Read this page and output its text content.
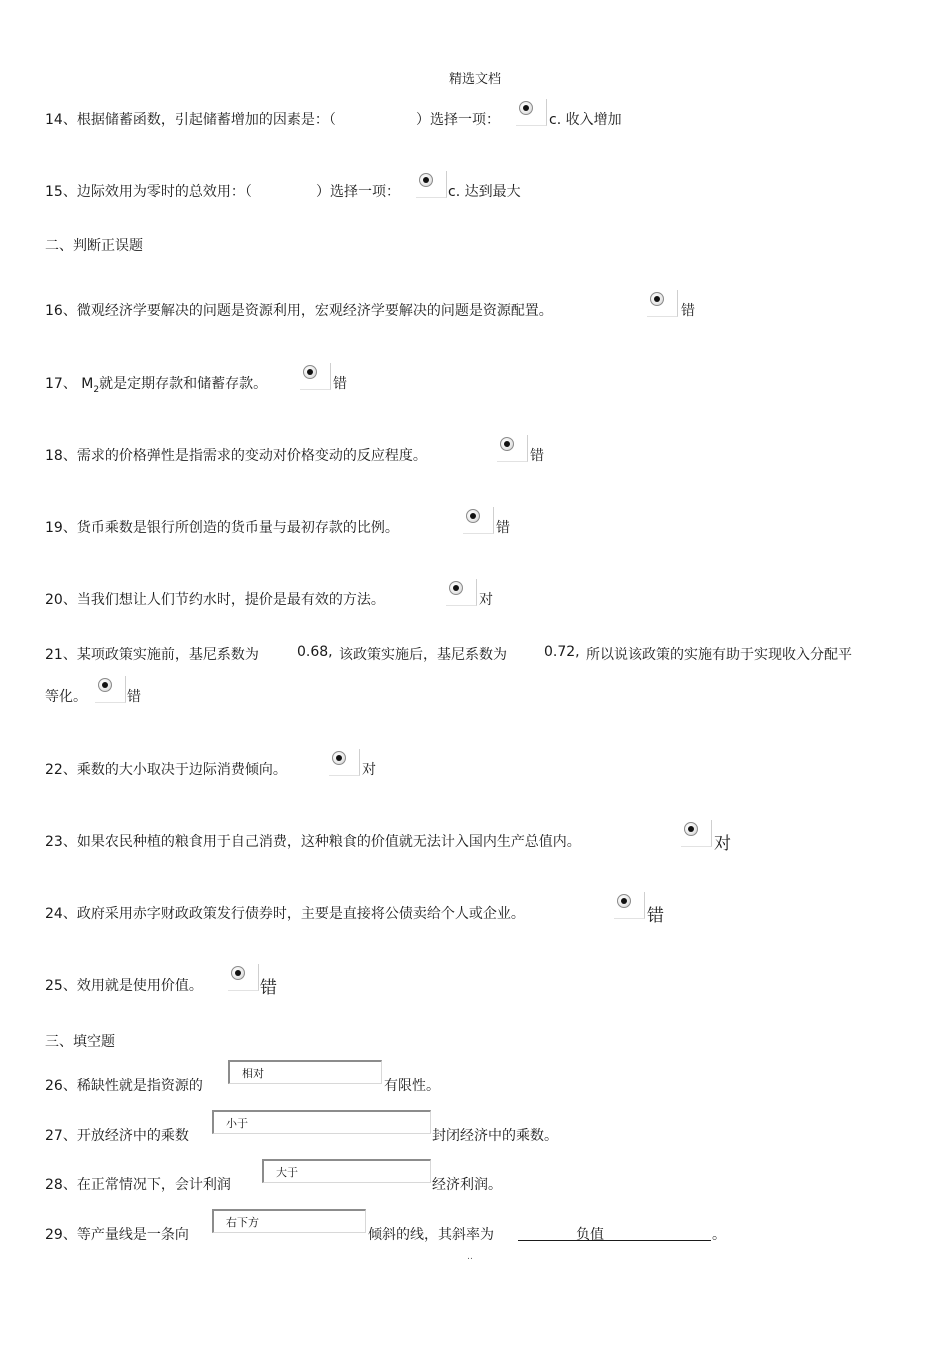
精选文档
14、根据储蓄函数，引起储蓄增加的因素是：（	）选择一项：	c. 收入增加
15、边际效用为零时的总效用：（	）选择一项：	c. 达到最大
二、判断正误题
16、微观经济学要解决的问题是资源利用，宏观经济学要解决的问题是资源配置。	错
17、 $M_2$就是定期存款和储蓄存款。	错
18、需求的价格弹性是指需求的变动对价格变动的反应程度。	错
19、货币乘数是银行所创造的货币量与最初存款的比例。	错
20、当我们想让人们节约水时，提价是最有效的方法。	对
21、某项政策实施前，基尼系数为	0.68, 该政策实施后，基尼系数为	0.72, 所以说该政策的实施有助于实现收入分配平
等化。	错
22、乘数的大小取决于边际消费倾向。	对
23、如果农民种植的粮食用于自己消费，这种粮食的价值就无法计入国内生产总值内。	对
24、政府采用赤字财政政策发行债券时，主要是直接将公债卖给个人或企业。	错
25、效用就是使用价值。	错
三、填空题
26、稀缺性就是指资源的
相对	有限性。
27、开放经济中的乘数
小于	封闭经济中的乘数。
28、在正常情况下，会计利润
大于	经济利润。
29、等产量线是一条向
右下方	倾斜的线，其斜率为	负值
	。
..
